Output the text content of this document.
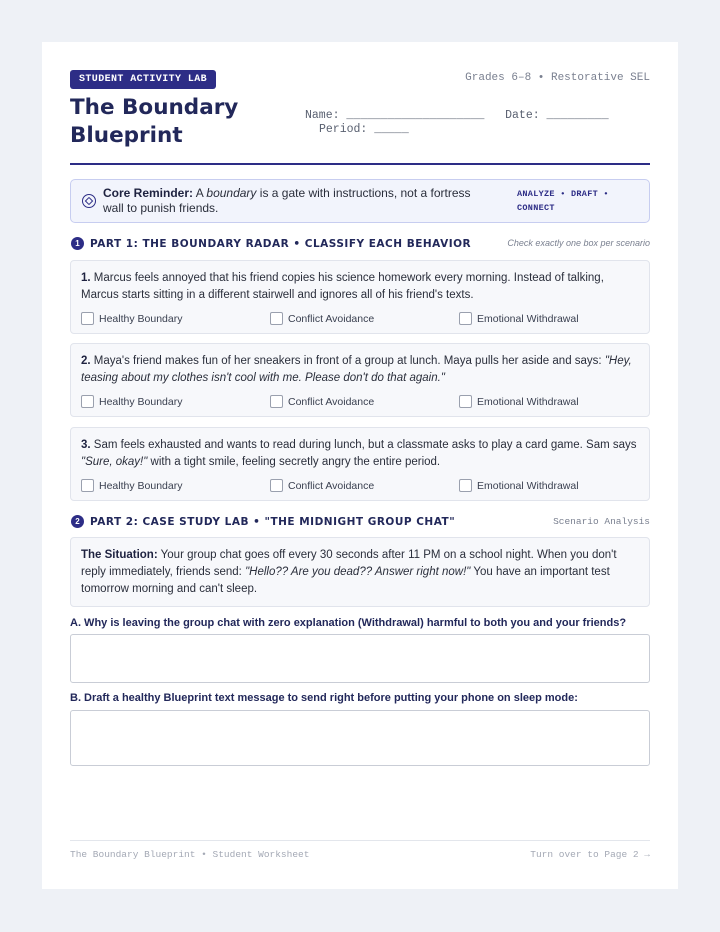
STUDENT ACTIVITY LAB	Grades 6–8 • Restorative SEL
The Boundary Blueprint
Name: ____________________   Date: _________
Period: _____
Core Reminder: A boundary is a gate with instructions, not a fortress wall to punish friends.
ANALYZE • DRAFT • CONNECT
1 PART 1: THE BOUNDARY RADAR • CLASSIFY EACH BEHAVIOR	Check exactly one box per scenario
1. Marcus feels annoyed that his friend copies his science homework every morning. Instead of talking, Marcus starts sitting in a different stairwell and ignores all of his friend's texts.
Healthy Boundary	Conflict Avoidance	Emotional Withdrawal
2. Maya's friend makes fun of her sneakers in front of a group at lunch. Maya pulls her aside and says: "Hey, teasing about my clothes isn't cool with me. Please don't do that again."
Healthy Boundary	Conflict Avoidance	Emotional Withdrawal
3. Sam feels exhausted and wants to read during lunch, but a classmate asks to play a card game. Sam says "Sure, okay!" with a tight smile, feeling secretly angry the entire period.
Healthy Boundary	Conflict Avoidance	Emotional Withdrawal
2 PART 2: CASE STUDY LAB • "THE MIDNIGHT GROUP CHAT"	Scenario Analysis
The Situation: Your group chat goes off every 30 seconds after 11 PM on a school night. When you don't reply immediately, friends send: "Hello?? Are you dead?? Answer right now!" You have an important test tomorrow morning and can't sleep.
A. Why is leaving the group chat with zero explanation (Withdrawal) harmful to both you and your friends?
B. Draft a healthy Blueprint text message to send right before putting your phone on sleep mode:
The Boundary Blueprint • Student Worksheet	Turn over to Page 2 →
